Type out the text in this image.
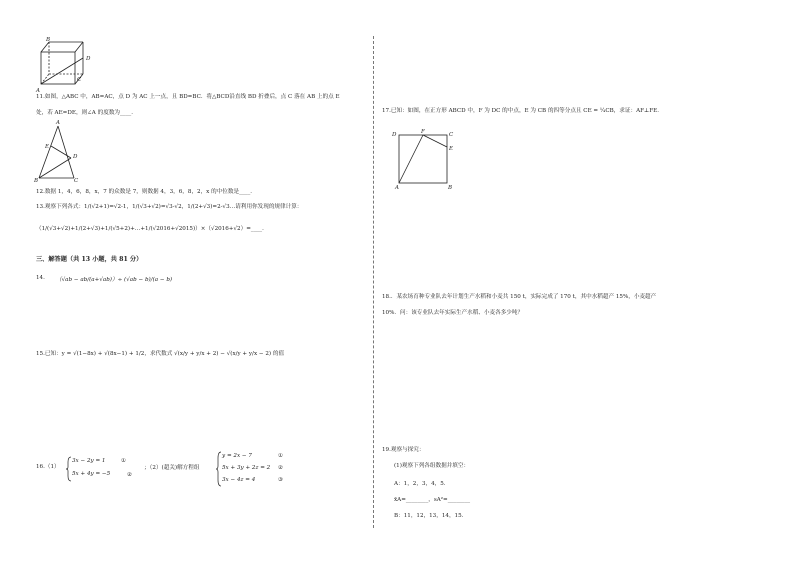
B
D
C
A
11.如图，△ABC 中，AB=AC，点 D 为 AC 上一点，且 BD=BC．将△BCD沿直线 BD 折叠后，点 C 落在 AB 上的点 E
处，若 AE=DE，则∠A 的度数为____．
A
E
D
B	C
12.数据 1，4，6，8，x，7 的众数是 7，则数据 4，3，6，8，2，x 的中位数是____．
13.观察下列各式：1/(√2+1)=√2-1，1/(√3+√2)=√3-√2，1/(2+√3)=2-√3…请利用你发现的规律计算：
（1/(√3+√2)+1/(2+√3)+1/(√5+2)+…+1/(√2016+√2015)）×（√2016+√2）=____．
三、解答题（共 13 小题，共 81 分）
14. （√ab − ab/(a+√ab)）÷ (√ab − b)/(a − b)
15.已知：y = √(1−8x) + √(8x−1) + 1/2，求代数式 √(x/y + y/x + 2) − √(x/y + y/x − 2) 的值
16.（1）
3x − 2y = 1
5x + 4y = −5
①
②
；（2）(超关)解方程组
y = 2x − 7
5x + 3y + 2z = 2
3x − 4z = 4
①
②
③
17.已知：如图，在正方形 ABCD 中，F 为 DC 的中点，E 为 CB 的四等分点且 CE = ¼CB，求证：AF⊥FE．
D	F	C
E
A	B
18.．某农场育种专业队去年计划生产水稻和小麦共 150 t，实际完成了 170 t，其中水稻超产 15%，小麦超产
10%．问：该专业队去年实际生产水稻、小麦各多少吨？
19.观察与探究：
(1)观察下列各组数据并填空：
A：1，2，3，4，5．
x̄A=________，sA²=________
B：11，12，13，14，15．
